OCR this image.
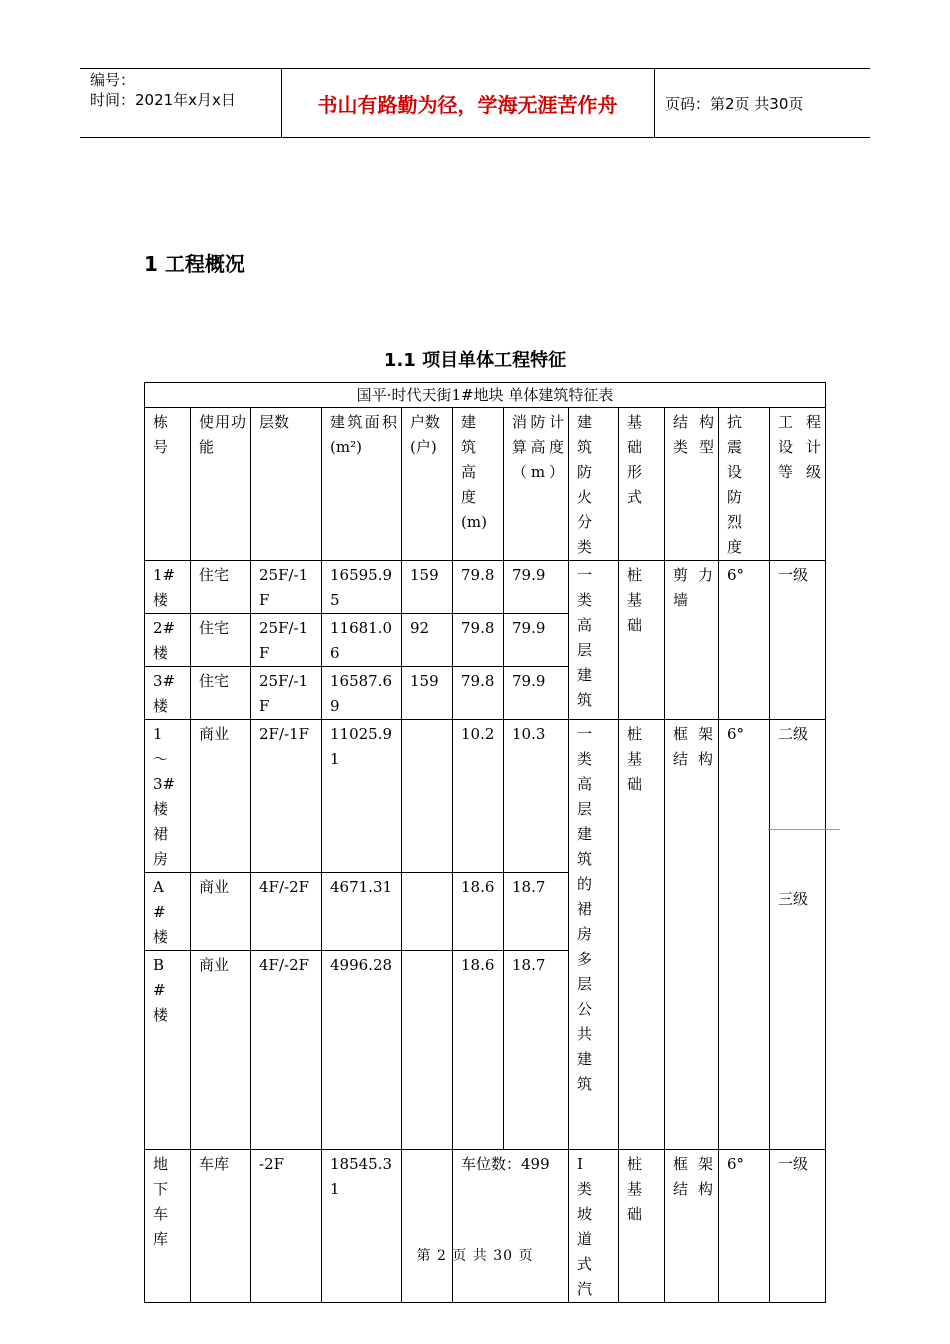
编号：
时间：2021年x月x日	书山有路勤为径，学海无涯苦作舟	页码：第2页 共30页
1 工程概况
1.1 项目单体工程特征
国平·时代天街1#地块 单体建筑特征表											

栋号	使用功能	层数	建筑面积(m²)	户数(户)	建筑高度(m)	消防计算高度（m）	建筑防火分类	基础形式	结构类型	抗震设防烈度	工程设计等级

1#楼	住宅	25F/-1F	16595.95	159	79.8	79.9	一类高层建筑	桩基础	剪力墙	6°	一级

2#楼	住宅	25F/-1F	11681.06	92	79.8	79.9					

3#楼	住宅	25F/-1F	16587.69	159	79.8	79.9					

1～3#楼裙房	商业	2F/-1F	11025.91		10.2	10.3	一类高层建筑的裙房多层公共建筑	桩基础	框架结构	6°	二级

A#楼	商业	4F/-2F	4671.31		18.6	18.7					三级

B#楼	商业	4F/-2F	4996.28		18.6	18.7					

地下车库	车库	-2F	18545.31		车位数：499		I 类坡道式汽	桩基础	框架结构	6°	一级
第 2 页 共 30 页
